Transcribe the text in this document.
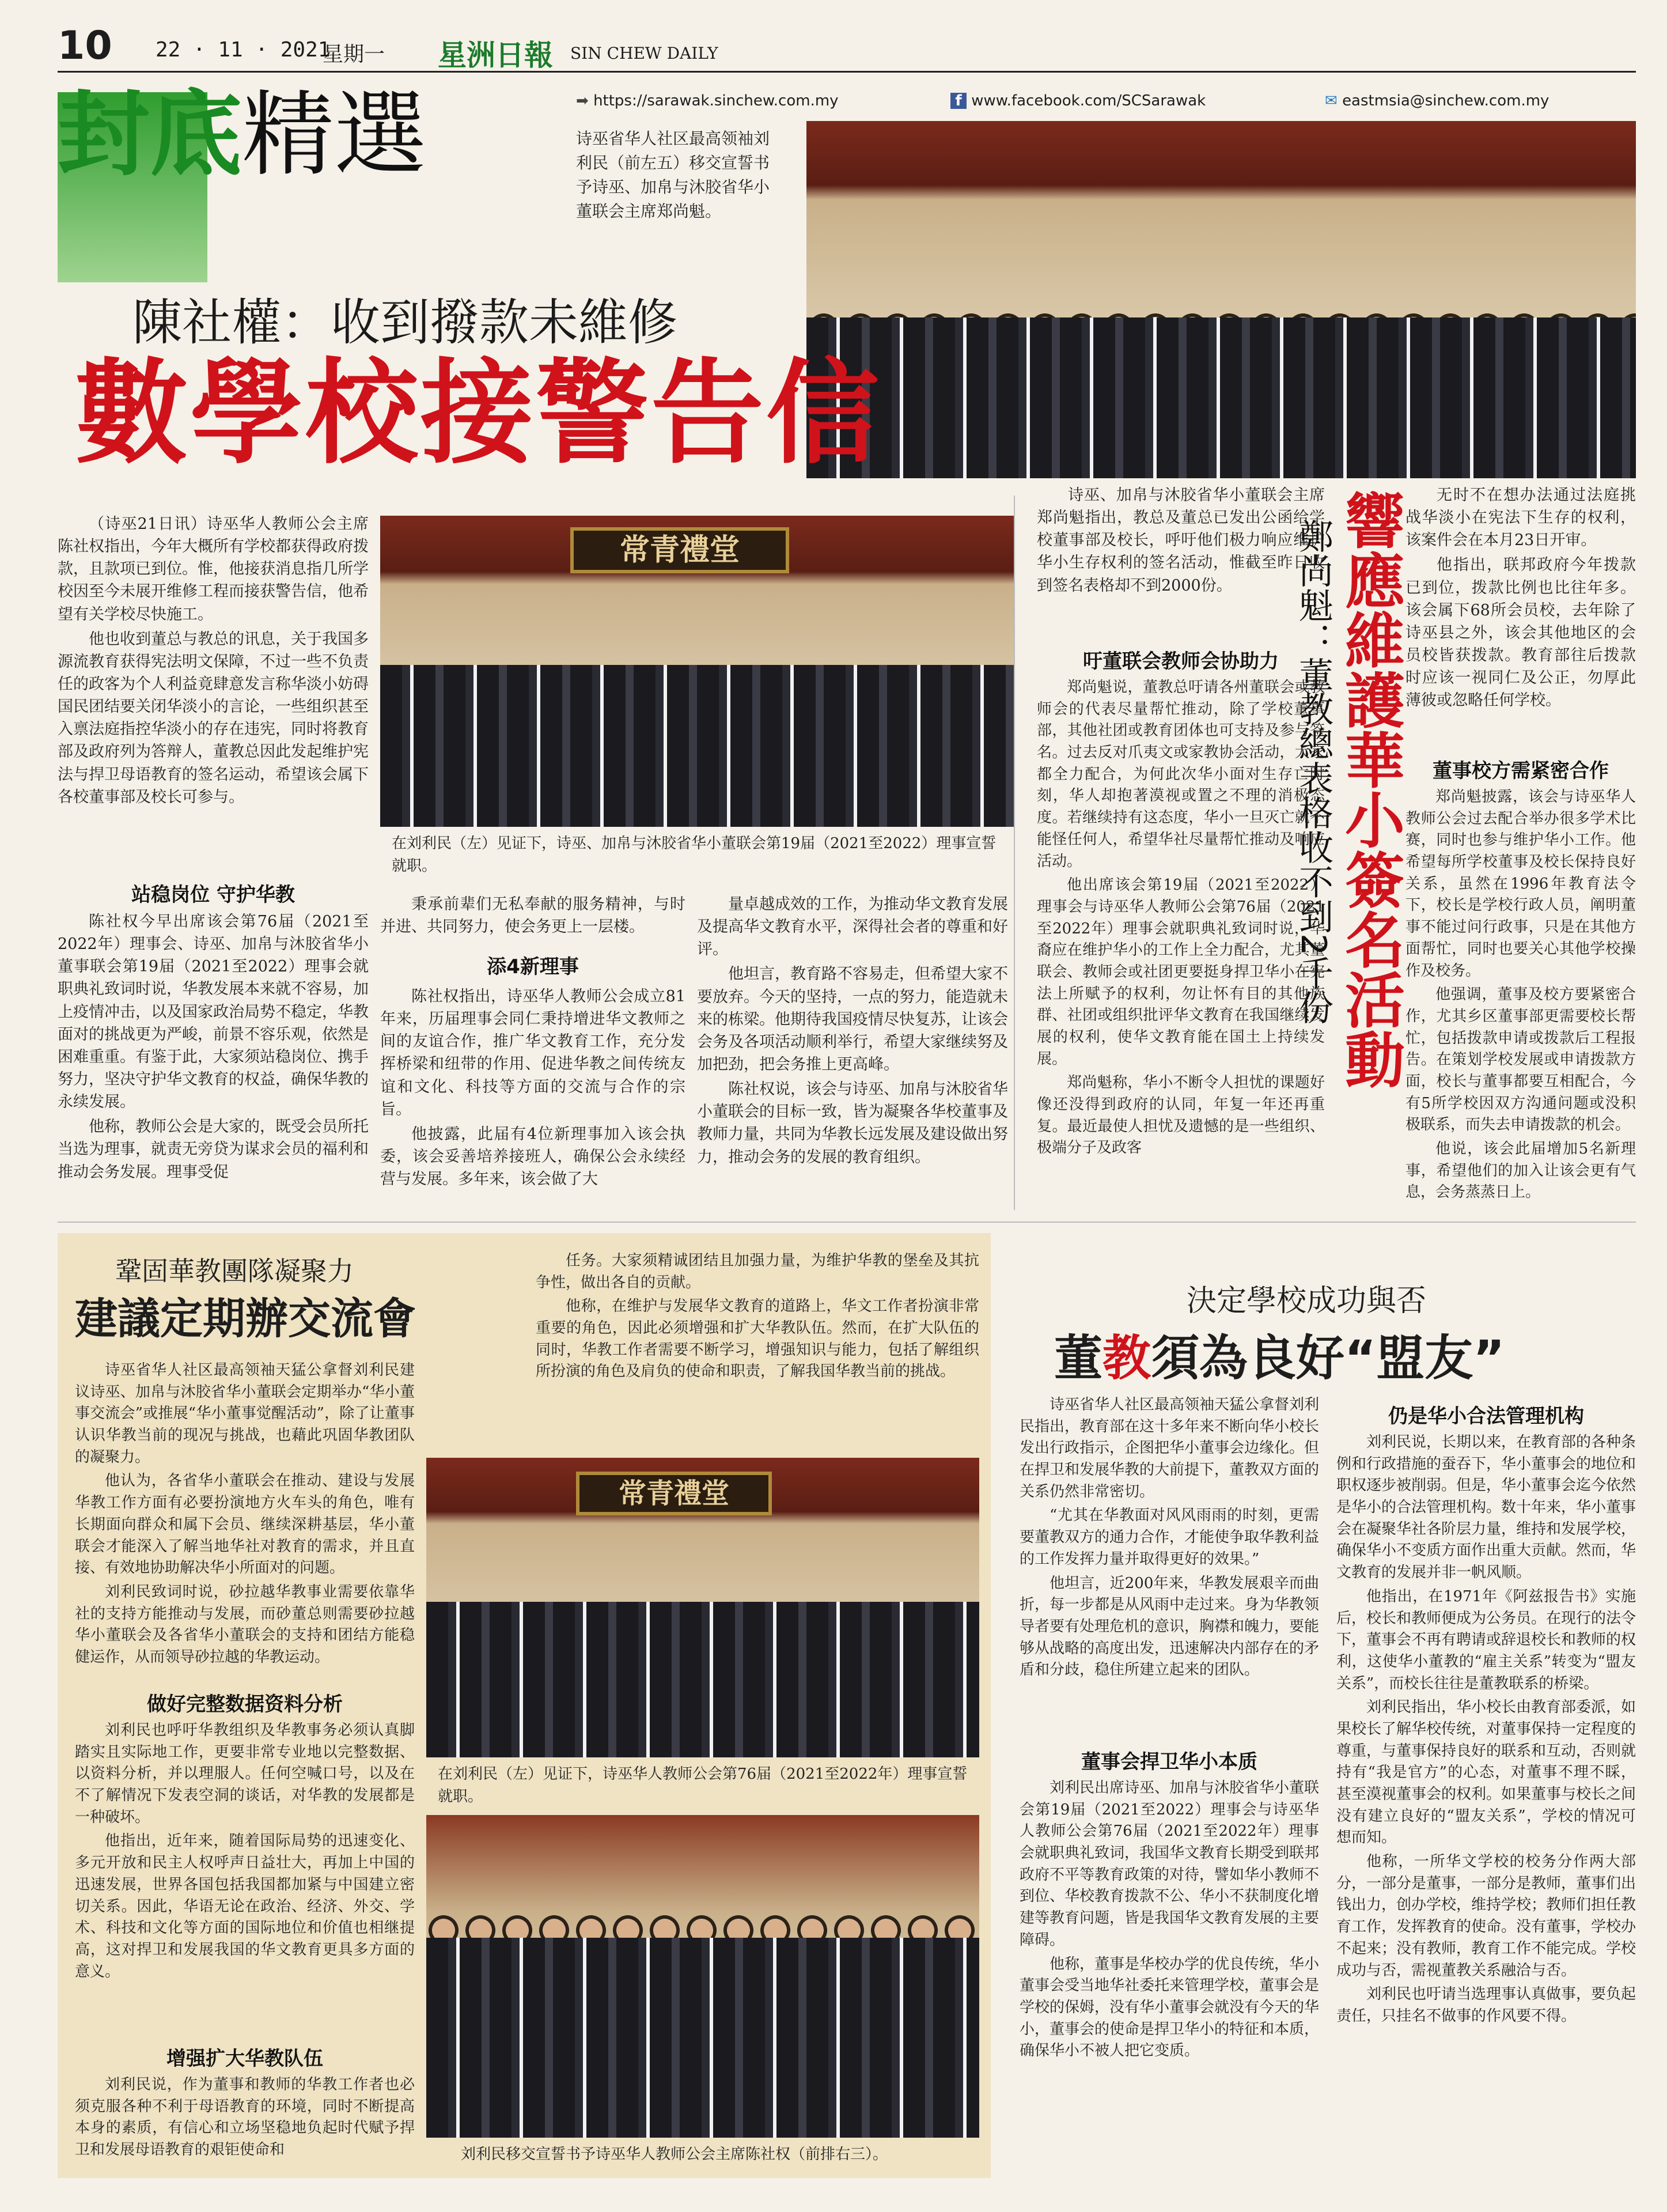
10 22 · 11 · 2021
星期一 星洲日報 SIN CHEW DAILY
封底精選	➡ https://sarawak.sinchew.com.my	f www.facebook.com/SCSarawak	✉ eastmsia@sinchew.com.my
诗巫省华人社区最高领袖刘利民（前左五）移交宣誓书予诗巫、加帛与沐胶省华小董联会主席郑尚魁。
陳社權：收到撥款未維修
數學校接警告信

（诗巫21日讯）诗巫华人教师公会主席陈社权指出，今年大概所有学校都获得政府拨款，且款项已到位。惟，他接获消息指几所学校因至今未展开维修工程而接获警告信，他希望有关学校尽快施工。

他也收到董总与教总的讯息，关于我国多源流教育获得宪法明文保障，不过一些不负责任的政客为个人利益竟肆意发言称华淡小妨碍国民团结要关闭华淡小的言论，一些组织甚至入禀法庭指控华淡小的存在违宪，同时将教育部及政府列为答辩人，董教总因此发起维护宪法与捍卫母语教育的签名运动，希望该会属下各校董事部及校长可参与。

站稳岗位 守护华教

陈社权今早出席该会第76届（2021至2022年）理事会、诗巫、加帛与沐胶省华小董事联会第19届（2021至2022）理事会就职典礼致词时说，华教发展本来就不容易，加上疫情冲击，以及国家政治局势不稳定，华教面对的挑战更为严峻，前景不容乐观，依然是困难重重。有鉴于此，大家须站稳岗位、携手努力，坚决守护华文教育的权益，确保华教的永续发展。

他称，教师公会是大家的，既受会员所托当选为理事，就责无旁贷为谋求会员的福利和推动会务发展。理事受促

常青禮堂
在刘利民（左）见证下，诗巫、加帛与沐胶省华小董联会第19届（2021至2022）理事宣誓就职。

秉承前辈们无私奉献的服务精神，与时并进、共同努力，使会务更上一层楼。

添4新理事

陈社权指出，诗巫华人教师公会成立81年来，历届理事会同仁秉持增进华文教师之间的友谊合作，推广华文教育工作，充分发挥桥梁和纽带的作用、促进华教之间传统友谊和文化、科技等方面的交流与合作的宗旨。

他披露，此届有4位新理事加入该会执委，该会妥善培养接班人，确保公会永续经营与发展。多年来，该会做了大

量卓越成效的工作，为推动华文教育发展及提高华文教育水平，深得社会者的尊重和好评。

他坦言，教育路不容易走，但希望大家不要放弃。今天的坚持，一点的努力，能造就未来的栋梁。他期待我国疫情尽快复苏，让该会会务及各项活动顺利举行，希望大家继续努及加把劲，把会务推上更高峰。

陈社权说，该会与诗巫、加帛与沐胶省华小董联会的目标一致，皆为凝聚各华校董事及教师力量，共同为华教长远发展及建设做出努力，推动会务的发展的教育组织。

诗巫、加帛与沐胶省华小董联会主席郑尚魁指出，教总及董总已发出公函给学校董事部及校长，呼吁他们极力响应维护华小生存权利的签名活动，惟截至昨日收到签名表格却不到2000份。

吁董联会教师会协助力

郑尚魁说，董教总吁请各州董联会或教师会的代表尽量帮忙推动，除了学校董事部，其他社团或教育团体也可支持及参与签名。过去反对爪夷文或家教协会活动，大家都全力配合，为何此次华小面对生存亡时刻，华人却抱著漠视或置之不理的消极态度。若继续持有这态度，华小一旦灭亡就不能怪任何人，希望华社尽量帮忙推动及响应活动。

他出席该会第19届（2021至2022）理事会与诗巫华人教师公会第76届（2021至2022年）理事会就职典礼致词时说，华裔应在维护华小的工作上全力配合，尤其董联会、教师会或社团更要挺身捍卫华小在宪法上所赋予的权利，勿让怀有目的其他族群、社团或组织批评华文教育在我国继续发展的权利，使华文教育能在国土上持续发展。

郑尚魁称，华小不断令人担忧的课题好像还没得到政府的认同，年复一年还再重复。最近最使人担忧及遗憾的是一些组织、极端分子及政客

響應維護華小簽名活動
鄭尚魁：董教總表格收不到2千份

无时不在想办法通过法庭挑战华淡小在宪法下生存的权利，该案件会在本月23日开审。

他指出，联邦政府今年拨款已到位，拨款比例也比往年多。该会属下68所会员校，去年除了诗巫县之外，该会其他地区的会员校皆获拨款。教育部往后拨款时应该一视同仁及公正，勿厚此薄彼或忽略任何学校。

董事校方需紧密合作

郑尚魁披露，该会与诗巫华人教师公会过去配合举办很多学术比赛，同时也参与维护华小工作。他希望每所学校董事及校长保持良好关系，虽然在1996年教育法令下，校长是学校行政人员，阐明董事不能过问行政事，只是在其他方面帮忙，同时也要关心其他学校操作及校务。

他强调，董事及校方要紧密合作，尤其乡区董事部更需要校长帮忙，包括拨款申请或拨款后工程报告。在策划学校发展或申请拨款方面，校长与董事都要互相配合，今有5所学校因双方沟通问题或没积极联系，而失去申请拨款的机会。

他说，该会此届增加5名新理事，希望他们的加入让该会更有气息，会务蒸蒸日上。

鞏固華教團隊凝聚力
建議定期辦交流會

诗巫省华人社区最高领袖天猛公拿督刘利民建议诗巫、加帛与沐胶省华小董联会定期举办“华小董事交流会”或推展“华小董事觉醒活动”，除了让董事认识华教当前的现况与挑战，也藉此巩固华教团队的凝聚力。

他认为，各省华小董联会在推动、建设与发展华教工作方面有必要扮演地方火车头的角色，唯有长期面向群众和属下会员、继续深耕基层，华小董联会才能深入了解当地华社对教育的需求，并且直接、有效地协助解决华小所面对的问题。

刘利民致词时说，砂拉越华教事业需要依靠华社的支持方能推动与发展，而砂董总则需要砂拉越华小董联会及各省华小董联会的支持和团结方能稳健运作，从而领导砂拉越的华教运动。

做好完整数据资料分析

刘利民也呼吁华教组织及华教事务必须认真脚踏实且实际地工作，更要非常专业地以完整数据、以资料分析，并以理服人。任何空喊口号，以及在不了解情况下发表空洞的谈话，对华教的发展都是一种破坏。

他指出，近年来，随着国际局势的迅速变化、多元开放和民主人权呼声日益壮大，再加上中国的迅速发展，世界各国包括我国都加紧与中国建立密切关系。因此，华语无论在政治、经济、外交、学术、科技和文化等方面的国际地位和价值也相继提高，这对捍卫和发展我国的华文教育更具多方面的意义。

增强扩大华教队伍

刘利民说，作为董事和教师的华教工作者也必须克服各种不利于母语教育的环境，同时不断提高本身的素质，有信心和立场坚稳地负起时代赋予捍卫和发展母语教育的艰钜使命和

任务。大家须精诚团结且加强力量，为维护华教的堡垒及其抗争性，做出各自的贡献。

他称，在维护与发展华文教育的道路上，华文工作者扮演非常重要的角色，因此必须增强和扩大华教队伍。然而，在扩大队伍的同时，华教工作者需要不断学习，增强知识与能力，包括了解组织所扮演的角色及肩负的使命和职责，了解我国华教当前的挑战。

常青禮堂
在刘利民（左）见证下，诗巫华人教师公会第76届（2021至2022年）理事宣誓就职。
刘利民移交宣誓书予诗巫华人教师公会主席陈社权（前排右三）。
決定學校成功與否
董教須為良好“盟友”

诗巫省华人社区最高领袖天猛公拿督刘利民指出，教育部在这十多年来不断向华小校长发出行政指示，企图把华小董事会边缘化。但在捍卫和发展华教的大前提下，董教双方面的关系仍然非常密切。

“尤其在华教面对风风雨雨的时刻，更需要董教双方的通力合作，才能使争取华教利益的工作发挥力量并取得更好的效果。”

他坦言，近200年来，华教发展艰辛而曲折，每一步都是从风雨中走过来。身为华教领导者要有处理危机的意识，胸襟和魄力，要能够从战略的高度出发，迅速解决内部存在的矛盾和分歧，稳住所建立起来的团队。

董事会捍卫华小本质

刘利民出席诗巫、加帛与沐胶省华小董联会第19届（2021至2022）理事会与诗巫华人教师公会第76届（2021至2022年）理事会就职典礼致词，我国华文教育长期受到联邦政府不平等教育政策的对待，譬如华小教师不到位、华校教育拨款不公、华小不获制度化增建等教育问题，皆是我国华文教育发展的主要障碍。

他称，董事是华校办学的优良传统，华小董事会受当地华社委托来管理学校，董事会是学校的保姆，没有华小董事会就没有今天的华小，董事会的使命是捍卫华小的特征和本质，确保华小不被人把它变质。

仍是华小合法管理机构

刘利民说，长期以来，在教育部的各种条例和行政措施的蚕吞下，华小董事会的地位和职权逐步被削弱。但是，华小董事会迄今依然是华小的合法管理机构。数十年来，华小董事会在凝聚华社各阶层力量，维持和发展学校，确保华小不变质方面作出重大贡献。然而，华文教育的发展并非一帆风顺。

他指出，在1971年《阿兹报告书》实施后，校长和教师便成为公务员。在现行的法令下，董事会不再有聘请或辞退校长和教师的权利，这使华小董教的“雇主关系”转变为“盟友关系”，而校长往往是董教联系的桥梁。

刘利民指出，华小校长由教育部委派，如果校长了解华校传统，对董事保持一定程度的尊重，与董事保持良好的联系和互动，否则就持有“我是官方”的心态，对董事不理不睬，甚至漠视董事会的权利。如果董事与校长之间没有建立良好的“盟友关系”，学校的情况可想而知。

他称，一所华文学校的校务分作两大部分，一部分是董事，一部分是教师，董事们出钱出力，创办学校，维持学校；教师们担任教育工作，发挥教育的使命。没有董事，学校办不起来；没有教师，教育工作不能完成。学校成功与否，需视董教关系融洽与否。

刘利民也吁请当选理事认真做事，要负起责任，只挂名不做事的作风要不得。
